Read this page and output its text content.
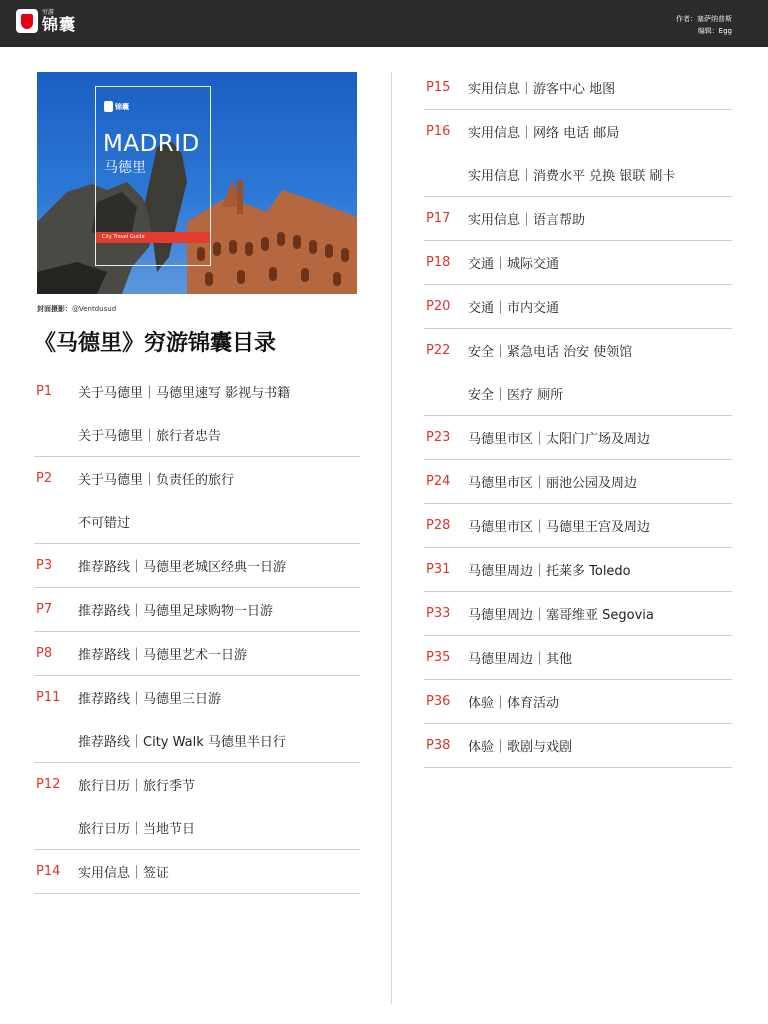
穷游
锦囊	作者：塞萨纳普斯
编辑：Egg
锦囊
MADRID
马德里
City Travel Guide
封面摄影：@Ventdusud
《马德里》穷游锦囊目录
P1	关于马德里｜马德里速写 影视与书籍
关于马德里｜旅行者忠告
P2	关于马德里｜负责任的旅行
不可错过
P3	推荐路线｜马德里老城区经典一日游
P7	推荐路线｜马德里足球购物一日游
P8	推荐路线｜马德里艺术一日游
P11	推荐路线｜马德里三日游
推荐路线｜City Walk 马德里半日行
P12	旅行日历｜旅行季节
旅行日历｜当地节日
P14	实用信息｜签证
P15	实用信息｜游客中心 地图
P16	实用信息｜网络 电话 邮局
实用信息｜消费水平 兑换 银联 刷卡
P17	实用信息｜语言帮助
P18	交通｜城际交通
P20	交通｜市内交通
P22	安全｜紧急电话 治安 使领馆
安全｜医疗 厕所
P23	马德里市区｜太阳门广场及周边
P24	马德里市区｜丽池公园及周边
P28	马德里市区｜马德里王宫及周边
P31	马德里周边｜托莱多 Toledo
P33	马德里周边｜塞哥维亚 Segovia
P35	马德里周边｜其他
P36	体验｜体育活动
P38	体验｜歌剧与戏剧
